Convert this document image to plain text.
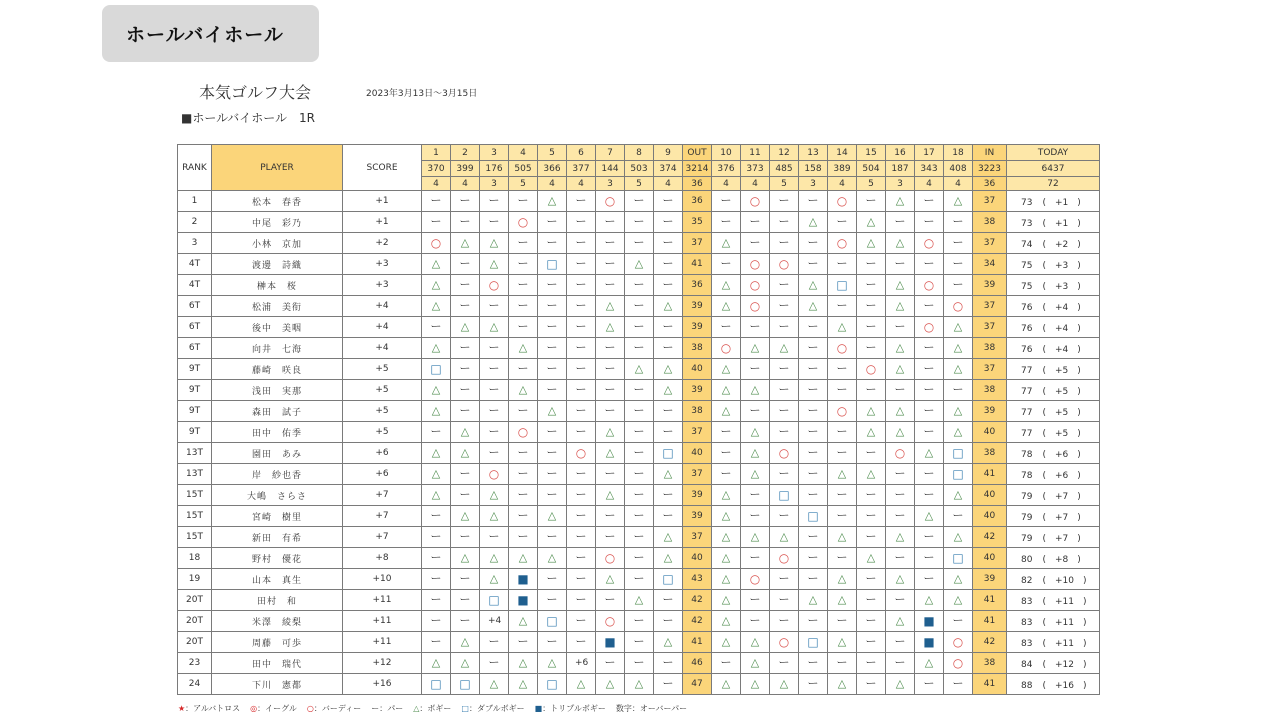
ホールバイホール
本気ゴルフ大会	2023年3月13日～3月15日
■ホールバイホール　1R
RANK	PLAYER	SCORE	1	2	3	4	5	6	7	8	9	OUT	10	11	12	13	14	15	16	17	18	IN	TODAY
			370	399	176	505	366	377	144	503	374	3214	376	373	485	158	389	504	187	343	408	3223	6437
			4	4	3	5	4	4	3	5	4	36	4	4	5	3	4	5	3	4	4	36	72
1	松本　春香	+1	ー	ー	ー	ー	△	ー	○	ー	ー	36	ー	○	ー	ー	○	ー	△	ー	△	37	73 (　+1　)
2	中尾　彩乃	+1	ー	ー	ー	○	ー	ー	ー	ー	ー	35	ー	ー	ー	△	ー	△	ー	ー	ー	38	73 (　+1　)
3	小林　京加	+2	○	△	△	ー	ー	ー	ー	ー	ー	37	△	ー	ー	ー	○	△	△	○	ー	37	74 (　+2　)
4T	渡邊　詩織	+3	△	ー	△	ー	□	ー	ー	△	ー	41	ー	○	○	ー	ー	ー	ー	ー	ー	34	75 (　+3　)
4T	榊本　桜	+3	△	ー	○	ー	ー	ー	ー	ー	ー	36	△	○	ー	△	□	ー	△	○	ー	39	75 (　+3　)
6T	松浦　美衔	+4	△	ー	ー	ー	ー	ー	△	ー	△	39	△	○	ー	△	ー	ー	△	ー	○	37	76 (　+4　)
6T	後中　美咽	+4	ー	△	△	ー	ー	ー	△	ー	ー	39	ー	ー	ー	ー	△	ー	ー	○	△	37	76 (　+4　)
6T	向井　七海	+4	△	ー	ー	△	ー	ー	ー	ー	ー	38	○	△	△	ー	○	ー	△	ー	△	38	76 (　+4　)
9T	藤崎　咲良	+5	□	ー	ー	ー	ー	ー	ー	△	△	40	△	ー	ー	ー	ー	○	△	ー	△	37	77 (　+5　)
9T	浅田　実那	+5	△	ー	ー	△	ー	ー	ー	ー	△	39	△	△	ー	ー	ー	ー	ー	ー	ー	38	77 (　+5　)
9T	森田　試子	+5	△	ー	ー	ー	△	ー	ー	ー	ー	38	△	ー	ー	ー	○	△	△	ー	△	39	77 (　+5　)
9T	田中　佑季	+5	ー	△	ー	○	ー	ー	△	ー	ー	37	ー	△	ー	ー	ー	△	△	ー	△	40	77 (　+5　)
13T	園田　あみ	+6	△	△	ー	ー	ー	○	△	ー	□	40	ー	△	○	ー	ー	ー	○	△	□	38	78 (　+6　)
13T	岸　紗也香	+6	△	ー	○	ー	ー	ー	ー	ー	△	37	ー	△	ー	ー	△	△	ー	ー	□	41	78 (　+6　)
15T	大嶋　さらさ	+7	△	ー	△	ー	ー	ー	△	ー	ー	39	△	ー	□	ー	ー	ー	ー	ー	△	40	79 (　+7　)
15T	宮崎　樹里	+7	ー	△	△	ー	△	ー	ー	ー	ー	39	△	ー	ー	□	ー	ー	ー	△	ー	40	79 (　+7　)
15T	新田　有希	+7	ー	ー	ー	ー	ー	ー	ー	ー	△	37	△	△	△	ー	△	ー	△	ー	△	42	79 (　+7　)
18	野村　優花	+8	ー	△	△	△	△	ー	○	ー	△	40	△	ー	○	ー	ー	△	ー	ー	□	40	80 (　+8　)
19	山本　真生	+10	ー	ー	△	■	ー	ー	△	ー	□	43	△	○	ー	ー	△	ー	△	ー	△	39	82 (　+10　)
20T	田村　和	+11	ー	ー	□	■	ー	ー	ー	△	ー	42	△	ー	ー	△	△	ー	ー	△	△	41	83 (　+11　)
20T	米澤　綾梨	+11	ー	ー	+4	△	□	ー	○	ー	ー	42	△	ー	ー	ー	ー	ー	△	■	ー	41	83 (　+11　)
20T	周藤　可歩	+11	ー	△	ー	ー	ー	ー	■	ー	△	41	△	△	○	□	△	ー	ー	■	○	42	83 (　+11　)
23	田中　瑞代	+12	△	△	ー	△	△	+6	ー	ー	ー	46	ー	△	ー	ー	ー	ー	ー	△	○	38	84 (　+12　)
24	下川　憲都	+16	□	□	△	△	□	△	△	△	ー	47	△	△	△	ー	△	ー	△	ー	ー	41	88 (　+16　)
★：アルバトロス ◎：イーグル ○：バーディー ー：パー △：ボギー □：ダブルボギー ■：トリプルボギー 数字：オーバーパー
